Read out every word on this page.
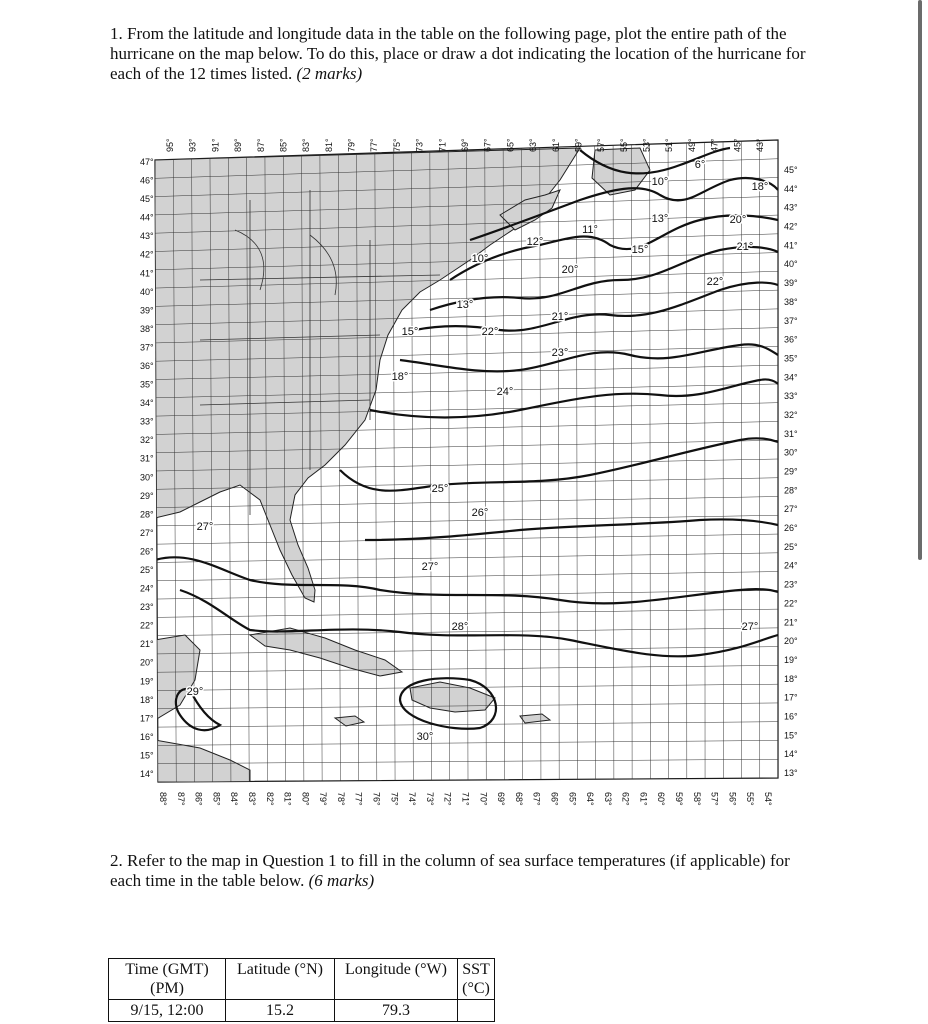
1. From the latitude and longitude data in the table on the following page, plot the entire path of the hurricane on the map below. To do this, place or draw a dot indicating the location of the hurricane for each of the 12 times listed. (2 marks)
95° 93° 91° 89° 87° 85° 83° 81° 79° 77° 75° 73° 71° 69° 67° 65° 63° 61° 59° 57° 55° 53° 51° 49° 47° 45° 43°
88° 87° 86° 85° 84° 83° 82° 81° 80° 79° 78° 77° 76° 75° 74° 73° 72° 71° 70° 69° 68° 67° 66° 65° 64° 63° 62° 61° 60° 59° 58° 57° 56° 55° 54°
47°
46°
45°
44°
43°
42°
41°
40°
39°
38°
37°
36°
35°
34°
33°
32°
31°
30°
29°
28°
27°
26°
25°
24°
23°
22°
21°
20°
19°
18°
17°
16°
15°
14°
45°
44°
43°
42°
41°
40°
39°
38°
37°
36°
35°
34°
33°
32°
31°
30°
29°
28°
27°
26°
25°
24°
23°
22°
21°
20°
19°
18°
17°
16°
15°
14°
13°
6°
10°	18°
13°	20°
11°
15°	21°
12°
10°
22°
20°
13°
21°
22°
15°
23°
18°
24°
25°
26°
27°
27°
28°	27°
29°
30°
2. Refer to the map in Question 1 to fill in the column of sea surface temperatures (if applicable) for each time in the table below. (6 marks)
Time (GMT) (PM)	Latitude (°N)	Longitude (°W)	SST (°C)
9/15, 12:00	15.2	79.3	
